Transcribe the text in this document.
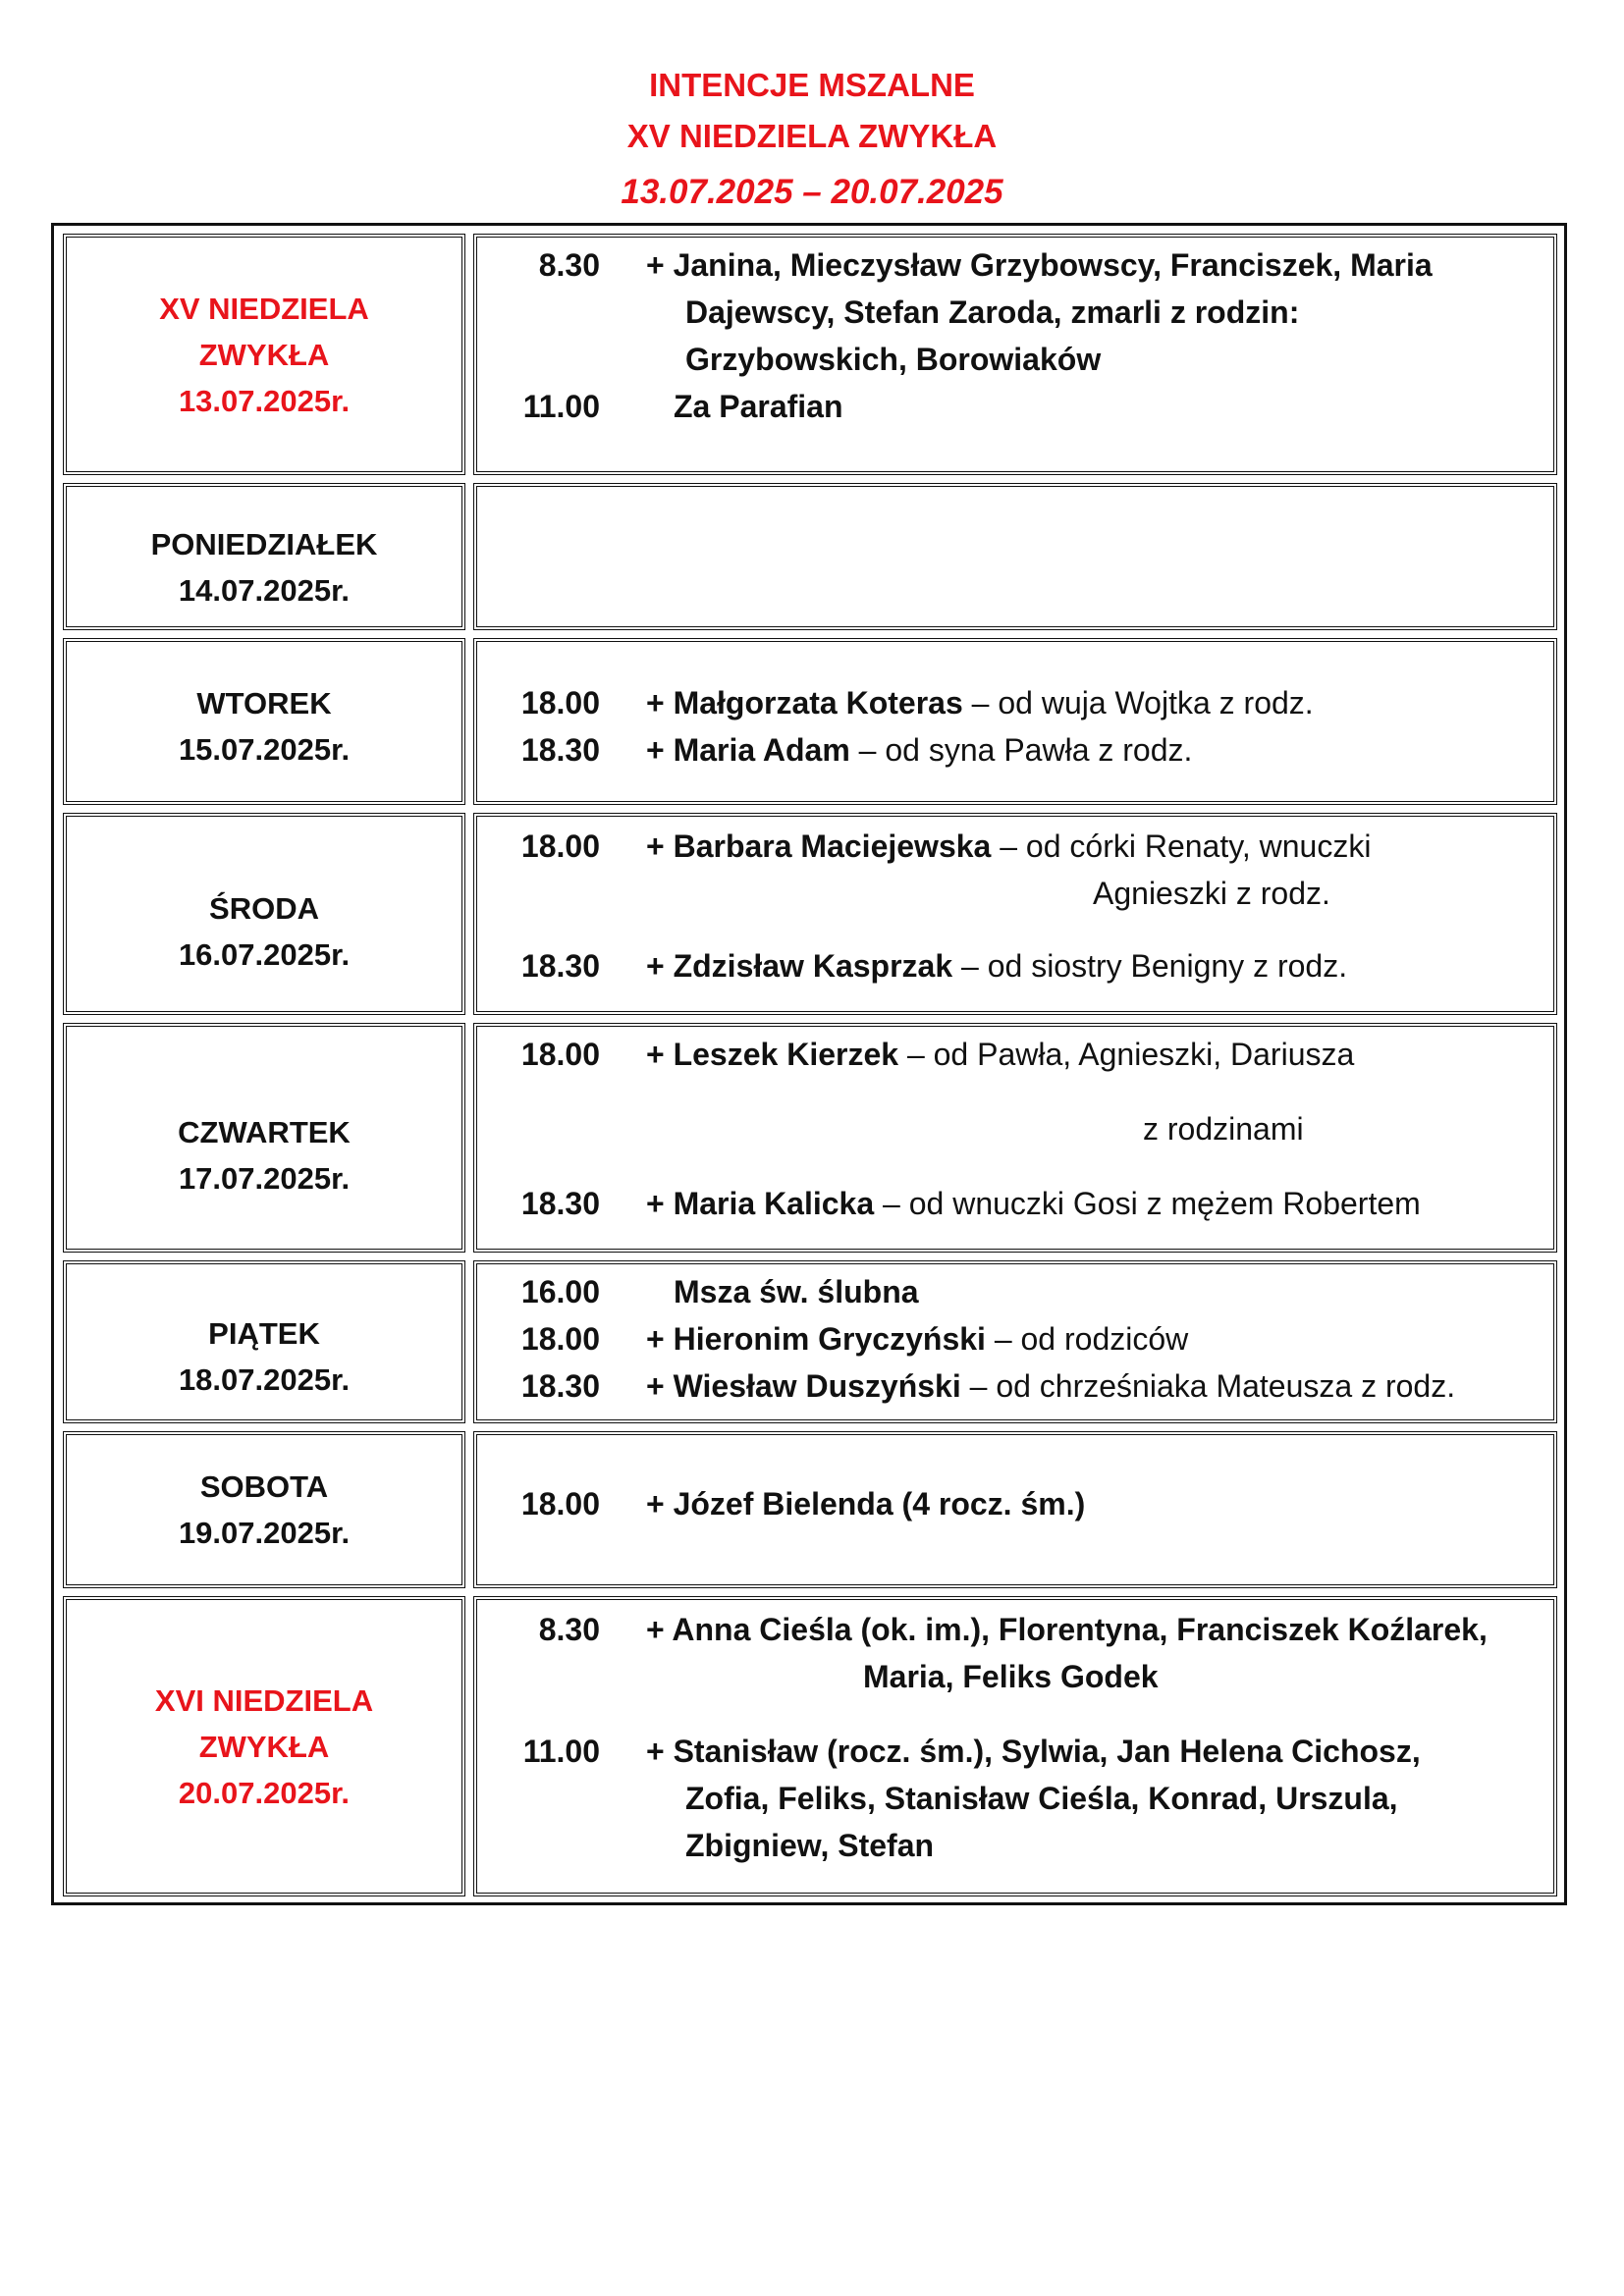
INTENCJE MSZALNE
XV NIEDZIELA ZWYKŁA
13.07.2025 – 20.07.2025
XV NIEDZIELA
ZWYKŁA
13.07.2025r.
8.30 + Janina, Mieczysław Grzybowscy, Franciszek, Maria
Dajewscy, Stefan Zaroda, zmarli z rodzin:
Grzybowskich, Borowiaków
11.00 Za Parafian
PONIEDZIAŁEK
14.07.2025r.
WTOREK
15.07.2025r.
18.00 + Małgorzata Koteras – od wuja Wojtka z rodz.
18.30 + Maria Adam – od syna Pawła z rodz.
ŚRODA
16.07.2025r.
18.00 + Barbara Maciejewska – od córki Renaty, wnuczki
Agnieszki z rodz.
18.30 + Zdzisław Kasprzak – od siostry Benigny z rodz.
CZWARTEK
17.07.2025r.
18.00 + Leszek Kierzek – od Pawła, Agnieszki, Dariusza
z rodzinami
18.30 + Maria Kalicka – od wnuczki Gosi z mężem Robertem
PIĄTEK
18.07.2025r.
16.00 Msza św. ślubna
18.00 + Hieronim Gryczyński – od rodziców
18.30 + Wiesław Duszyński – od chrześniaka Mateusza z rodz.
SOBOTA
19.07.2025r.
18.00 + Józef Bielenda (4 rocz. śm.)
XVI NIEDZIELA
ZWYKŁA
20.07.2025r.
8.30 + Anna Cieśla (ok. im.), Florentyna, Franciszek Koźlarek,
Maria, Feliks Godek
11.00 + Stanisław (rocz. śm.), Sylwia, Jan Helena Cichosz,
Zofia, Feliks, Stanisław Cieśla, Konrad, Urszula,
Zbigniew, Stefan
